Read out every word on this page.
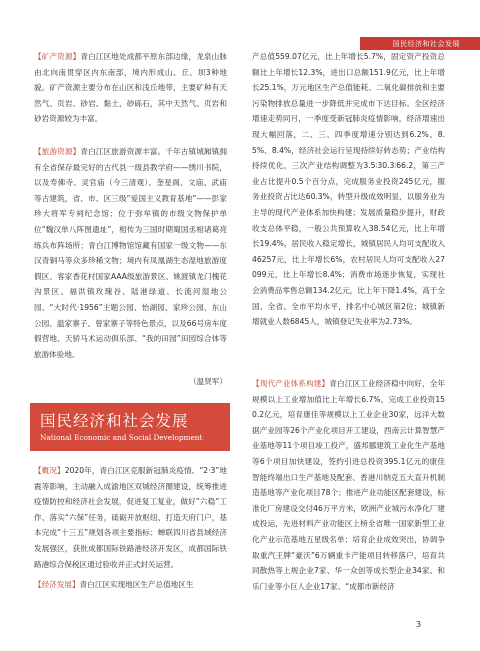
国民经济和社会发展
【矿产资源】青白江区地处成都平原东部边缘，龙泉山脉由北向南贯穿区内东南部，境内形成山、丘、坝3种地貌。矿产资源主要分布在山区和浅丘地带，主要矿种有天然气、页岩、砂岩、黏土、砂砾石，其中天然气、页岩和砂岩资源较为丰富。
【旅游资源】青白江区旅游资源丰富。千年古镇城厢镇拥有全省保存最完好的古代县一级县教学府——绣川书院，以及寿佛寺、灵官庙（今三清观）、奎星阁、文庙、武庙等古建筑，省、市、区三级“爱国主义教育基地”——彭家珍大将军专祠纪念馆；位于弥牟镇的市级文物保护单位“魏汉单八阵图遗址”，相传为三国时期蜀国丞相诸葛亮练兵布阵场所；青白江博物馆馆藏有国家一级文物——东汉青铜马等众多珍稀文物；境内有凤凰湖生态湿地旅游度假区、客家香花村国家AAA级旅游景区、姚渡镇龙门槐花沟景区、福洪镇玫瑰谷、陆港绿道、长流河湿地公园、“大时代·1956”主题公园、怡湖园、家珍公园、东山公园、温家寨子、曾家寨子等特色景点，以及66号房车度假营地、天骄马术运动俱乐部、“我的田园”田园综合体等旅游体验地。
（温贤军）
【概况】2020年，青白江区克服新冠肺炎疫情、“2·3”地震等影响，主动融入成渝地区双城经济圈建设，统筹推进疫情防控和经济社会发展，促进复工复业，做好“六稳”工作、落实“六保”任务，砥砺开放枢纽、打造天府门户，基本完成“十三五”规划各项主要指标；蝉联四川省县域经济发展强区，获批成都国际铁路港经济开发区，成都国际铁路港综合保税区通过验收并正式封关运营。
【经济发展】青白江区实现地区生产总值地区生
国民经济和社会发展
National Economic and Social Development
产总值559.07亿元，比上年增长5.7%，固定资产投资总额比上年增长12.3%，进出口总额151.9亿元，比上年增长25.1%，万元地区生产总值能耗、二氧化碳排放和主要污染物排放总量进一步降低并完成市下达目标。全区经济增速走势同月，一季度受新冠肺炎疫情影响，经济增速出现大幅回落，二、三、四季度增速分别达到6.2%、8.5%、8.4%，经济社会运行呈现持续好转态势；产业结构持续优化，三次产业结构调整为3.5∶30.3∶66.2，第三产业占比提升0.5个百分点，完成服务业投资245亿元，服务业投资占比达60.3%，转型升级成效明显，以服务业为主导的现代产业体系加快构建；发展质量稳步提升，财政收支总体平稳，一般公共预算收入38.54亿元，比上年增长19.4%，居民收入稳定增长，城镇居民人均可支配收入46257元，比上年增长6%，农村居民人均可支配收入27099元，比上年增长8.4%；消费市场逐步恢复，实现社会消费品零售总额134.2亿元，比上年下降1.4%，高于全国、全省、全市平均水平，排名中心城区第2位；城镇新增就业人数6845人，城镇登记失业率为2.73%。
【现代产业体系构建】青白江区工业经济稳中向好，全年规模以上工业增加值比上年增长6.7%，完成工业投资150.2亿元，培育康佳等规模以上工业企业30家，远洋大数据产业园等26个产业化项目开工建设，西南云计算智慧产业基地等11个项目竣工投产，盛邦挪建筑工业化生产基地等6个项目加快建设，签约引进总投资395.1亿元的康佳智能终端出口生产基地及配套、香港川纳克五大直升机制造基地等产业化项目78个；推进产业功能区配套建设，标准化厂房建设交付46万平方米，欧洲产业城污水净化厂建成投运，先进材料产业功能区上榜全省唯一国家新型工业化产业示范基地五星级名单；培育企业成效突出，协调争取重汽王牌“豪沃”6万辆重卡产能项目转移落户，培育共同散热等上规企业7家、华一众创等成长型企业34家、和乐门业等小巨人企业17家、“成都市新经济
3
